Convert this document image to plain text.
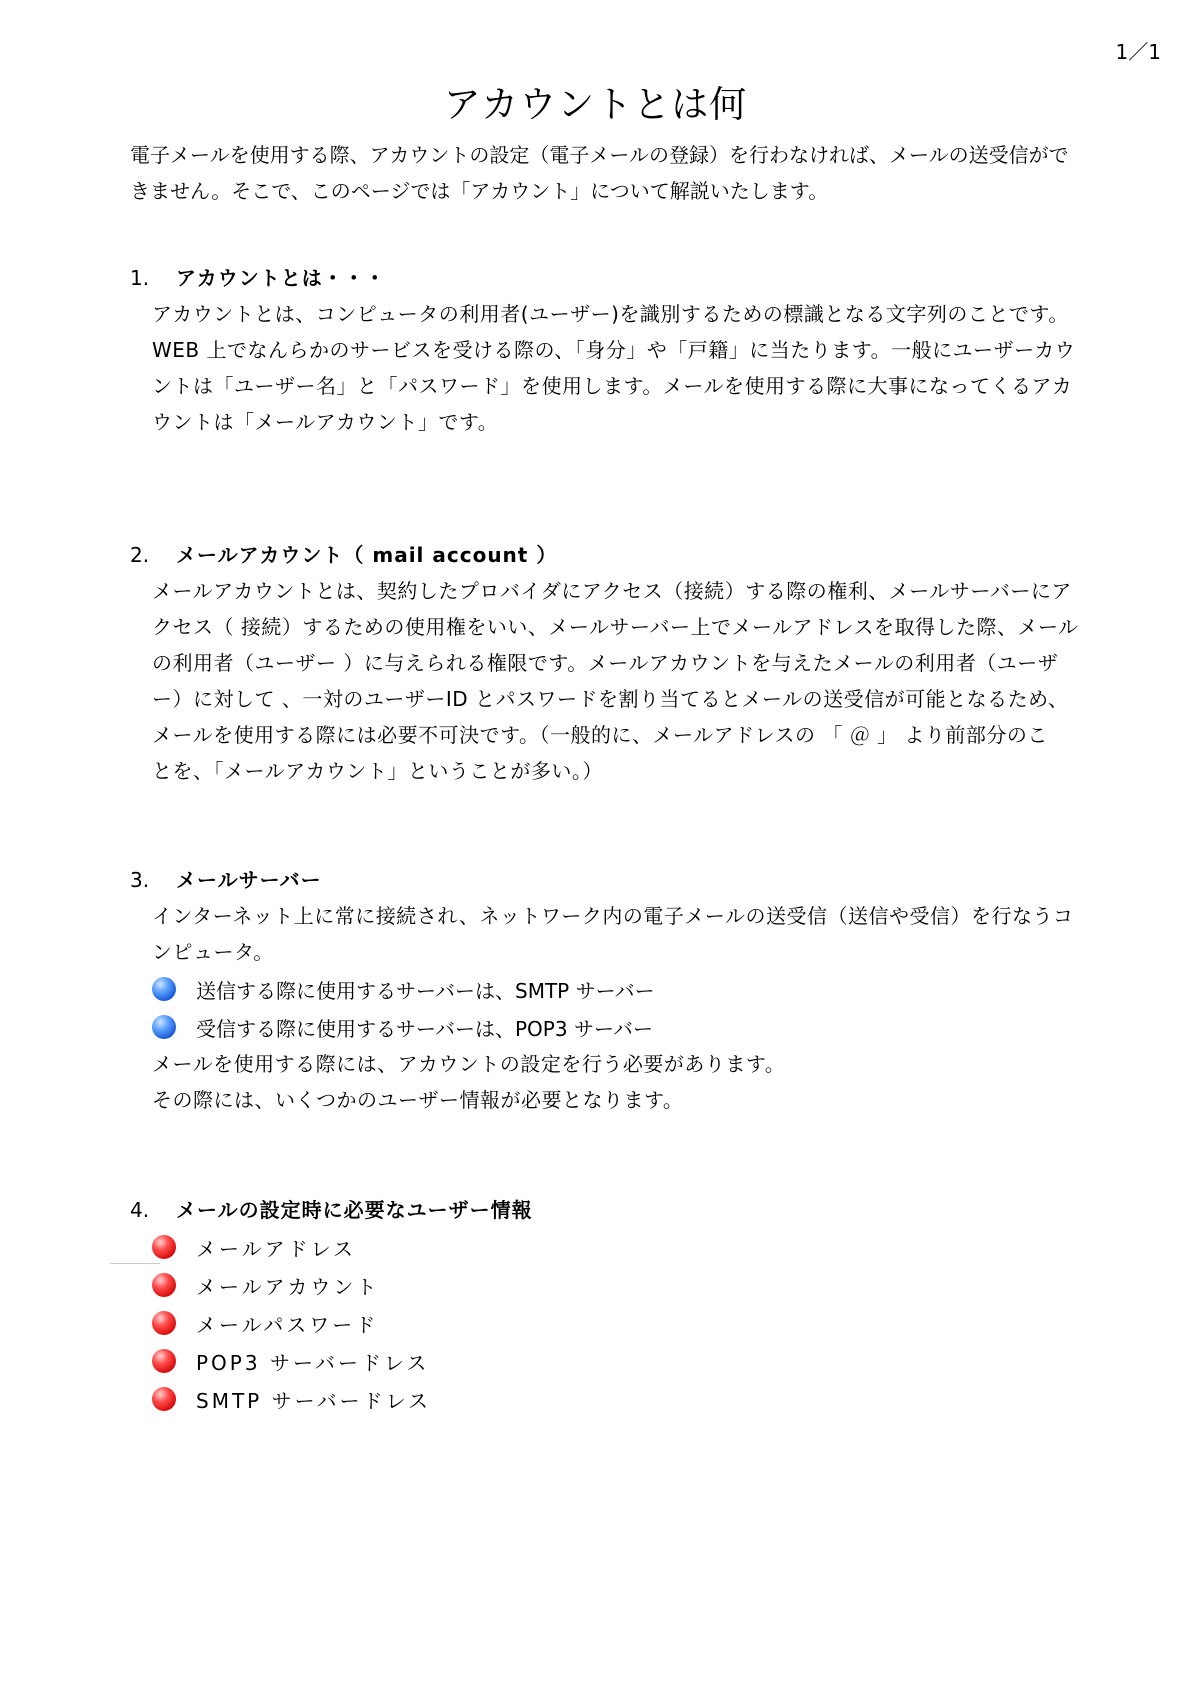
1／1
アカウントとは何
電子メールを使用する際、アカウントの設定（電子メールの登録）を行わなければ、メールの送受信がで
きません。そこで、このページでは「アカウント」について解説いたします。
1.	アカウントとは・・・
アカウントとは、コンピュータの利用者(ユーザー)を識別するための標識となる文字列のことです。
WEB 上でなんらかのサービスを受ける際の、「身分」や「戸籍」に当たります。一般にユーザーカウ
ントは「ユーザー名」と「パスワード」を使用します。メールを使用する際に大事になってくるアカ
ウントは「メールアカウント」です。
2.	メールアカウント（ mail account ）
メールアカウントとは、契約したプロバイダにアクセス（接続）する際の権利、メールサーバーにア
クセス（ 接続）するための使用権をいい、メールサーバー上でメールアドレスを取得した際、メール
の利用者（ユーザー ）に与えられる権限です。メールアカウントを与えたメールの利用者（ユーザ
ー）に対して 、一対のユーザーID とパスワードを割り当てるとメールの送受信が可能となるため、
メールを使用する際には必要不可決です。（一般的に、メールアドレスの 「 ＠ 」 より前部分のこ
とを、「メールアカウント」ということが多い。）
3.	メールサーバー
インターネット上に常に接続され、ネットワーク内の電子メールの送受信（送信や受信）を行なうコ
ンピュータ。
送信する際に使用するサーバーは、SMTP サーバー
受信する際に使用するサーバーは、POP3 サーバー
メールを使用する際には、アカウントの設定を行う必要があります。
その際には、いくつかのユーザー情報が必要となります。
4.	メールの設定時に必要なユーザー情報
メールアドレス
メールアカウント
メールパスワード
POP3 サーバードレス
SMTP サーバードレス
